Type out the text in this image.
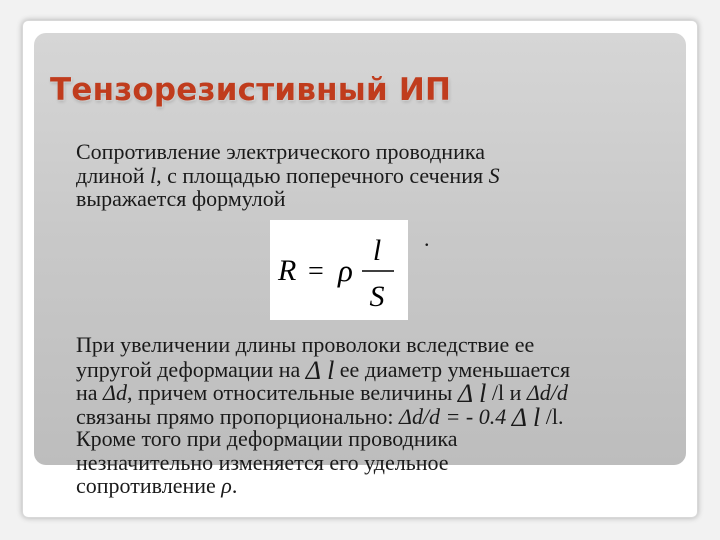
Тензорезистивный ИП
Сопротивление электрического проводника
длиной l, с площадью поперечного сечения S
выражается формулой
R = ρ
l
S
.
При увеличении длины проволоки вследствие ее
упругой деформации на Δ l ее диаметр уменьшается
на Δd, причем относительные величины Δ l /l и Δd/d
связаны прямо пропорционально: Δd/d = - 0.4 Δ l /l.
Кроме того при деформации проводника
незначительно изменяется его удельное
сопротивление ρ.
